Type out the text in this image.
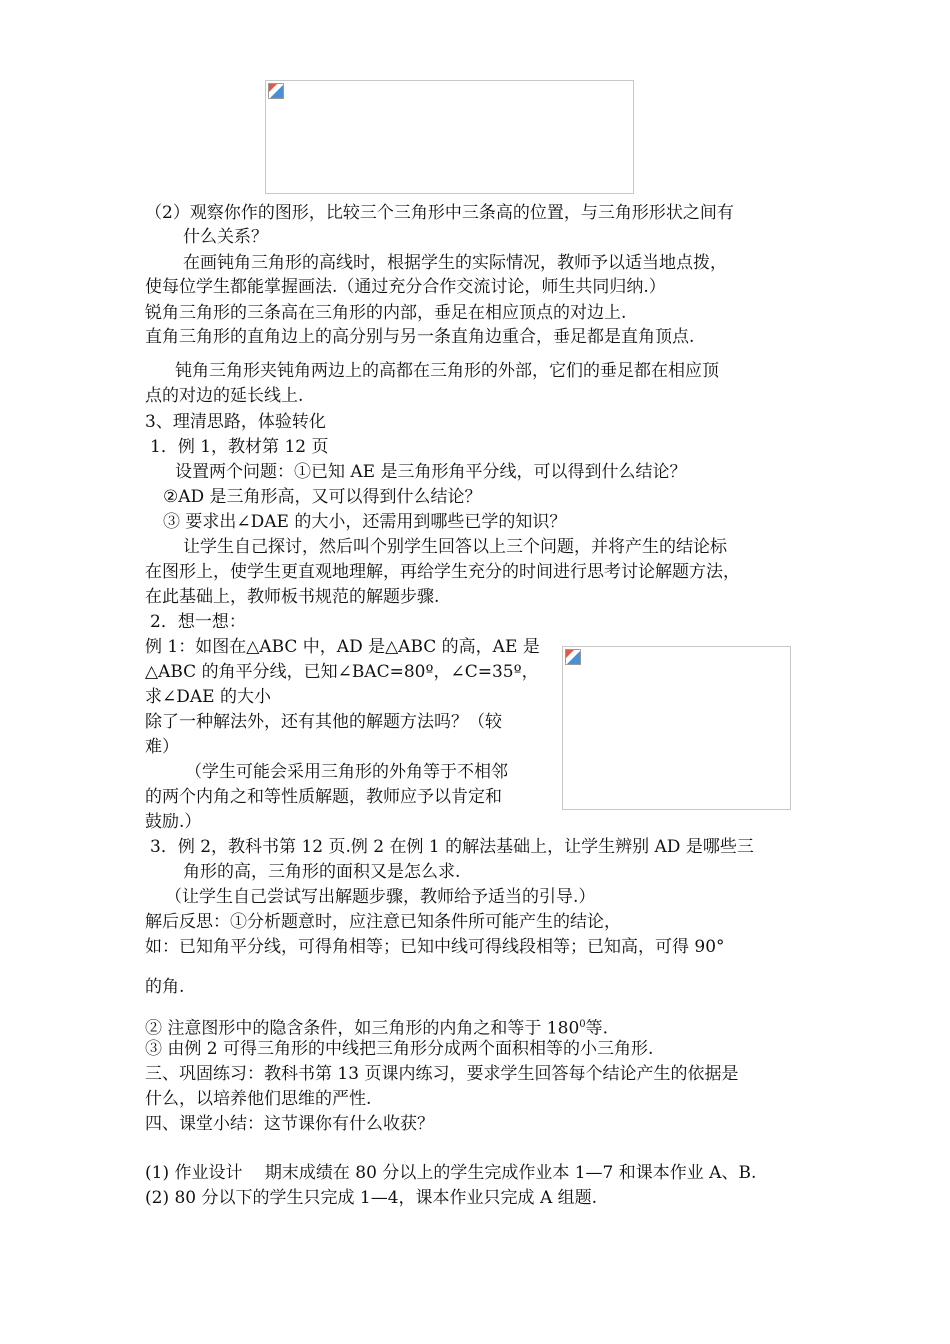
（2）观察你作的图形，比较三个三角形中三条高的位置，与三角形形状之间有
什么关系？
在画钝角三角形的高线时，根据学生的实际情况，教师予以适当地点拨，
使每位学生都能掌握画法.（通过充分合作交流讨论，师生共同归纳.）
锐角三角形的三条高在三角形的内部，垂足在相应顶点的对边上.
直角三角形的直角边上的高分别与另一条直角边重合，垂足都是直角顶点.
钝角三角形夹钝角两边上的高都在三角形的外部，它们的垂足都在相应顶
点的对边的延长线上.
3、理清思路，体验转化
1．例 1，教材第 12 页
设置两个问题：①已知 AE 是三角形角平分线，可以得到什么结论？
②AD 是三角形高，又可以得到什么结论？
③ 要求出∠DAE 的大小，还需用到哪些已学的知识？
让学生自己探讨，然后叫个别学生回答以上三个问题，并将产生的结论标
在图形上，使学生更直观地理解，再给学生充分的时间进行思考讨论解题方法，
在此基础上，教师板书规范的解题步骤.
2．想一想：
例 1：如图在△ABC 中，AD 是△ABC 的高，AE 是
△ABC 的角平分线，已知∠BAC=80º，∠C=35º，
求∠DAE 的大小
除了一种解法外，还有其他的解题方法吗？（较
难）
（学生可能会采用三角形的外角等于不相邻
的两个内角之和等性质解题，教师应予以肯定和
鼓励.）
3．例 2，教科书第 12 页.例 2 在例 1 的解法基础上，让学生辨别 AD 是哪些三
角形的高，三角形的面积又是怎么求.
（让学生自己尝试写出解题步骤，教师给予适当的引导.）
解后反思：①分析题意时，应注意已知条件所可能产生的结论，
如：已知角平分线，可得角相等；已知中线可得线段相等；已知高，可得 90°
的角.
② 注意图形中的隐含条件，如三角形的内角之和等于 $180^0$等.
③ 由例 2 可得三角形的中线把三角形分成两个面积相等的小三角形.
三、巩固练习：教科书第 13 页课内练习，要求学生回答每个结论产生的依据是
什么，以培养他们思维的严性.
四、课堂小结：这节课你有什么收获？
(1) 作业设计　 期末成绩在 80 分以上的学生完成作业本 1—7 和课本作业 A、B.
(2) 80 分以下的学生只完成 1—4，课本作业只完成 A 组题.
